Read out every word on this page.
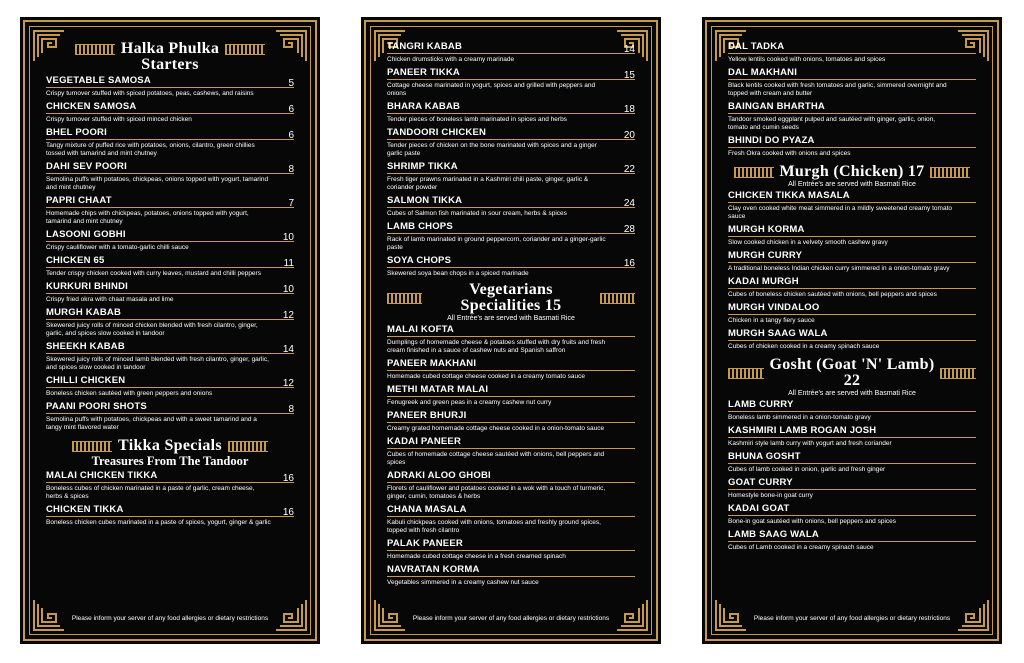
Halka Phulka
Starters
VEGETABLE SAMOSA	5
Crispy turnover stuffed with spiced potatoes, peas, cashews, and raisins
CHICKEN SAMOSA	6
Crispy turnover stuffed with spiced minced chicken
BHEL POORI	6
Tangy mixture of puffed rice with potatoes, onions, cilantro, green chillies tossed with tamarind and mint chutney
DAHI SEV POORI	8
Semolina puffs with potatoes, chickpeas, onions topped with yogurt, tamarind and mint chutney
PAPRI CHAAT	7
Homemade chips with chickpeas, potatoes, onions topped with yogurt, tamarind and mint chutney
LASOONI GOBHI	10
Crispy cauliflower with a tomato-garlic chilli sauce
CHICKEN 65	11
Tender crispy chicken cooked with curry leaves, mustard and chilli peppers
KURKURI BHINDI	10
Crispy fried okra with chaat masala and lime
MURGH KABAB	12
Skewered juicy rolls of minced chicken blended with fresh cilantro, ginger, garlic, and spices slow cooked in tandoor
SHEEKH KABAB	14
Skewered juicy rolls of minced lamb blended with fresh cilantro, ginger, garlic, and spices slow cooked in tandoor
CHILLI CHICKEN	12
Boneless chicken sautéed with green peppers and onions
PAANI POORI SHOTS	8
Semolina puffs with potatoes, chickpeas and with a sweet tamarind and a tangy mint flavored water
Tikka Specials
Treasures From The Tandoor
MALAI CHICKEN TIKKA	16
Boneless cubes of chicken marinated in a paste of garlic, cream cheese, herbs & spices
CHICKEN TIKKA	16
Boneless chicken cubes marinated in a paste of spices, yogurt, ginger & garlic
Please inform your server of any food allergies or dietary restrictions
TANGRI KABAB	14
Chicken drumsticks with a creamy marinade
PANEER TIKKA	15
Cottage cheese marinated in yogurt, spices and grilled with peppers and onions
BHARA KABAB	18
Tender pieces of boneless lamb marinated in spices and herbs
TANDOORI CHICKEN	20
Tender pieces of chicken on the bone marinated with spices and a ginger garlic paste
SHRIMP TIKKA	22
Fresh tiger prawns marinated in a Kashmiri chili paste, ginger, garlic & coriander powder
SALMON TIKKA	24
Cubes of Salmon fish marinated in sour cream, herbs & spices
LAMB CHOPS	28
Rack of lamb marinated in ground peppercorn, coriander and a ginger-garlic paste
SOYA CHOPS	16
Skewered soya bean chops in a spiced marinade
Vegetarians Specialities 15
All Entrée's are served with Basmati Rice
MALAI KOFTA
Dumplings of homemade cheese & potatoes stuffed with dry fruits and fresh cream finished in a sauce of cashew nuts and Spanish saffron
PANEER MAKHANI
Homemade cubed cottage cheese cooked in a creamy tomato sauce
METHI MATAR MALAI
Fenugreek and green peas in a creamy cashew nut curry
PANEER BHURJI
Creamy grated homemade cottage cheese cooked in a onion-tomato sauce
KADAI PANEER
Cubes of homemade cottage cheese sautéed with onions, bell peppers and spices
ADRAKI ALOO GHOBI
Florets of cauliflower and potatoes cooked in a wok with a touch of turmeric, ginger, cumin, tomatoes & herbs
CHANA MASALA
Kabuli chickpeas cooked with onions, tomatoes and freshly ground spices, topped with fresh cilantro
PALAK PANEER
Homemade cubed cottage cheese in a fresh creamed spinach
NAVRATAN KORMA
Vegetables simmered in a creamy cashew nut sauce
Please inform your server of any food allergies or dietary restrictions
DAL TADKA
Yellow lentils cooked with onions, tomatoes and spices
DAL MAKHANI
Black lentils cooked with fresh tomatoes and garlic, simmered overnight and topped with cream and butter
BAINGAN BHARTHA
Tandoor smoked eggplant pulped and sautéed with ginger, garlic, onion, tomato and cumin seeds
BHINDI DO PYAZA
Fresh Okra cooked with onions and spices
Murgh (Chicken) 17
All Entrée's are served with Basmati Rice
CHICKEN TIKKA MASALA
Clay oven cooked white meat simmered in a mildly sweetened creamy tomato sauce
MURGH KORMA
Slow cooked chicken in a velvety smooth cashew gravy
MURGH CURRY
A traditional boneless Indian chicken curry simmered in a onion-tomato gravy
KADAI MURGH
Cubes of boneless chicken sautéed with onions, bell peppers and spices
MURGH VINDALOO
Chicken in a tangy fiery sauce
MURGH SAAG WALA
Cubes of chicken cooked in a creamy spinach sauce
Gosht (Goat 'N' Lamb) 22
All Entrée's are served with Basmati Rice
LAMB CURRY
Boneless lamb simmered in a onion-tomato gravy
KASHMIRI LAMB ROGAN JOSH
Kashmiri style lamb curry with yogurt and fresh coriander
BHUNA GOSHT
Cubes of lamb cooked in onion, garlic and fresh ginger
GOAT CURRY
Homestyle bone-in goat curry
KADAI GOAT
Bone-in goat sautéed with onions, bell peppers and spices
LAMB SAAG WALA
Cubes of Lamb cooked in a creamy spinach sauce
Please inform your server of any food allergies or dietary restrictions
